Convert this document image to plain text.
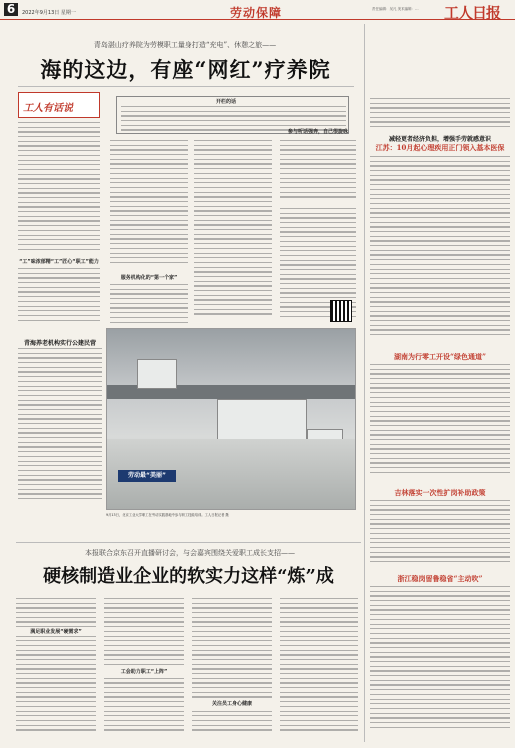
6	2022年9月13日 星期一	劳动保障	责任编辑：吴凡 美术编辑：… 工人日报
青岛湛山疗养院为劳模职工量身打造“充电”、休憩之旅——
海的这边，有座“网红”疗养院
工人有话说
开栏的话
“工”味浓郁精“工”匠心“职工”能力
服务机构化的“第一个家”
参与听话强奔，自己很旋咏
青海养老机构实行公建民营
劳动最“美丽”
9月13日，北京工业大学职工在劳动实践基地中参与职工技能培训。工人日报记者 摄
本报联合京东召开直播研讨会，与会嘉宾围绕关爱职工成长支招——
硬核制造业企业的软实力这样“炼”成
满足职业发展“硬需求”
工会助力职工“上阵”
关注员工身心健康
减轻更者经济负担，增强手劳就感意识
江苏：10月起心理疾用正门领入基本医保
湖南为行零工开设“绿色通道”
吉林落实一次性扩岗补助政策
浙江稳岗留鲁稳省“主动吹”
